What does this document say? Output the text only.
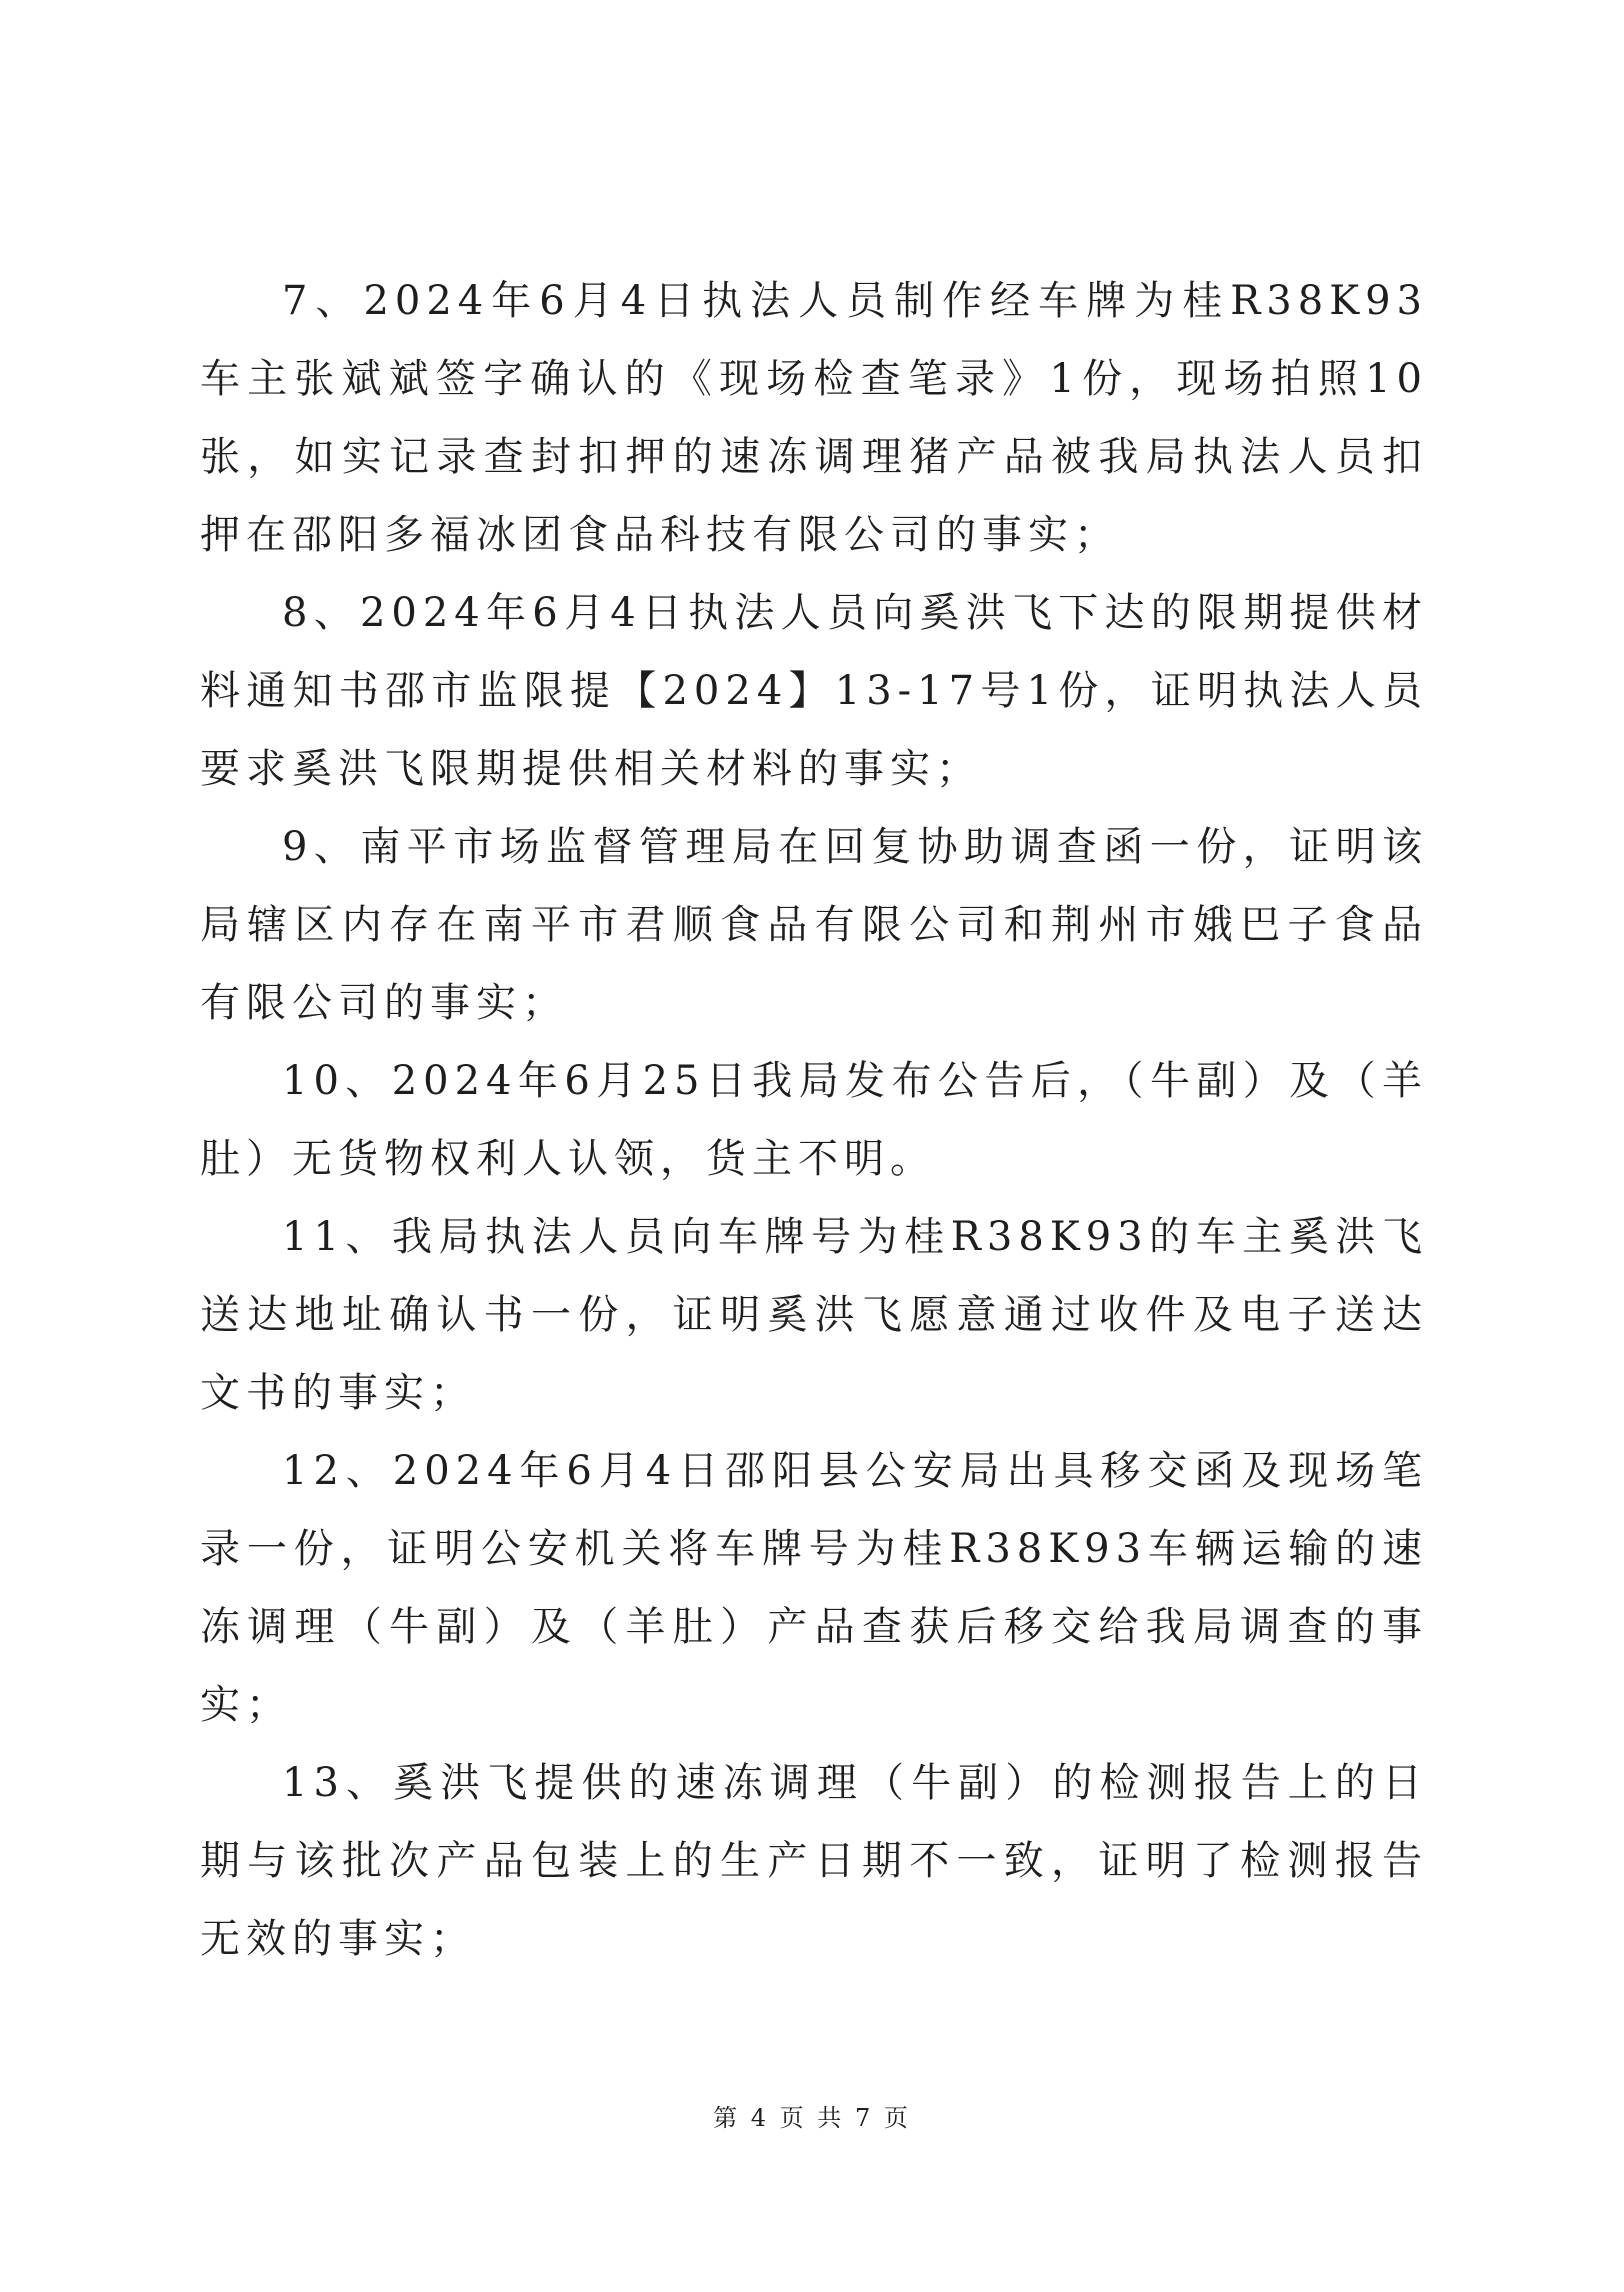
7、2024年6月4日执法人员制作经车牌为桂R38K93车主张斌斌签字确认的《现场检查笔录》1份，现场拍照10张，如实记录查封扣押的速冻调理猪产品被我局执法人员扣押在邵阳多福冰团食品科技有限公司的事实；

8、2024年6月4日执法人员向奚洪飞下达的限期提供材料通知书邵市监限提【2024】13-17号1份，证明执法人员要求奚洪飞限期提供相关材料的事实；

9、南平市场监督管理局在回复协助调查函一份，证明该局辖区内存在南平市君顺食品有限公司和荆州市娥巴子食品有限公司的事实；

10、2024年6月25日我局发布公告后，（牛副）及（羊肚）无货物权利人认领，货主不明。

11、我局执法人员向车牌号为桂R38K93的车主奚洪飞送达地址确认书一份，证明奚洪飞愿意通过收件及电子送达文书的事实；

12、2024年6月4日邵阳县公安局出具移交函及现场笔录一份，证明公安机关将车牌号为桂R38K93车辆运输的速冻调理（牛副）及（羊肚）产品查获后移交给我局调查的事实；

13、奚洪飞提供的速冻调理（牛副）的检测报告上的日期与该批次产品包装上的生产日期不一致，证明了检测报告无效的事实；

第 4 页 共 7 页
